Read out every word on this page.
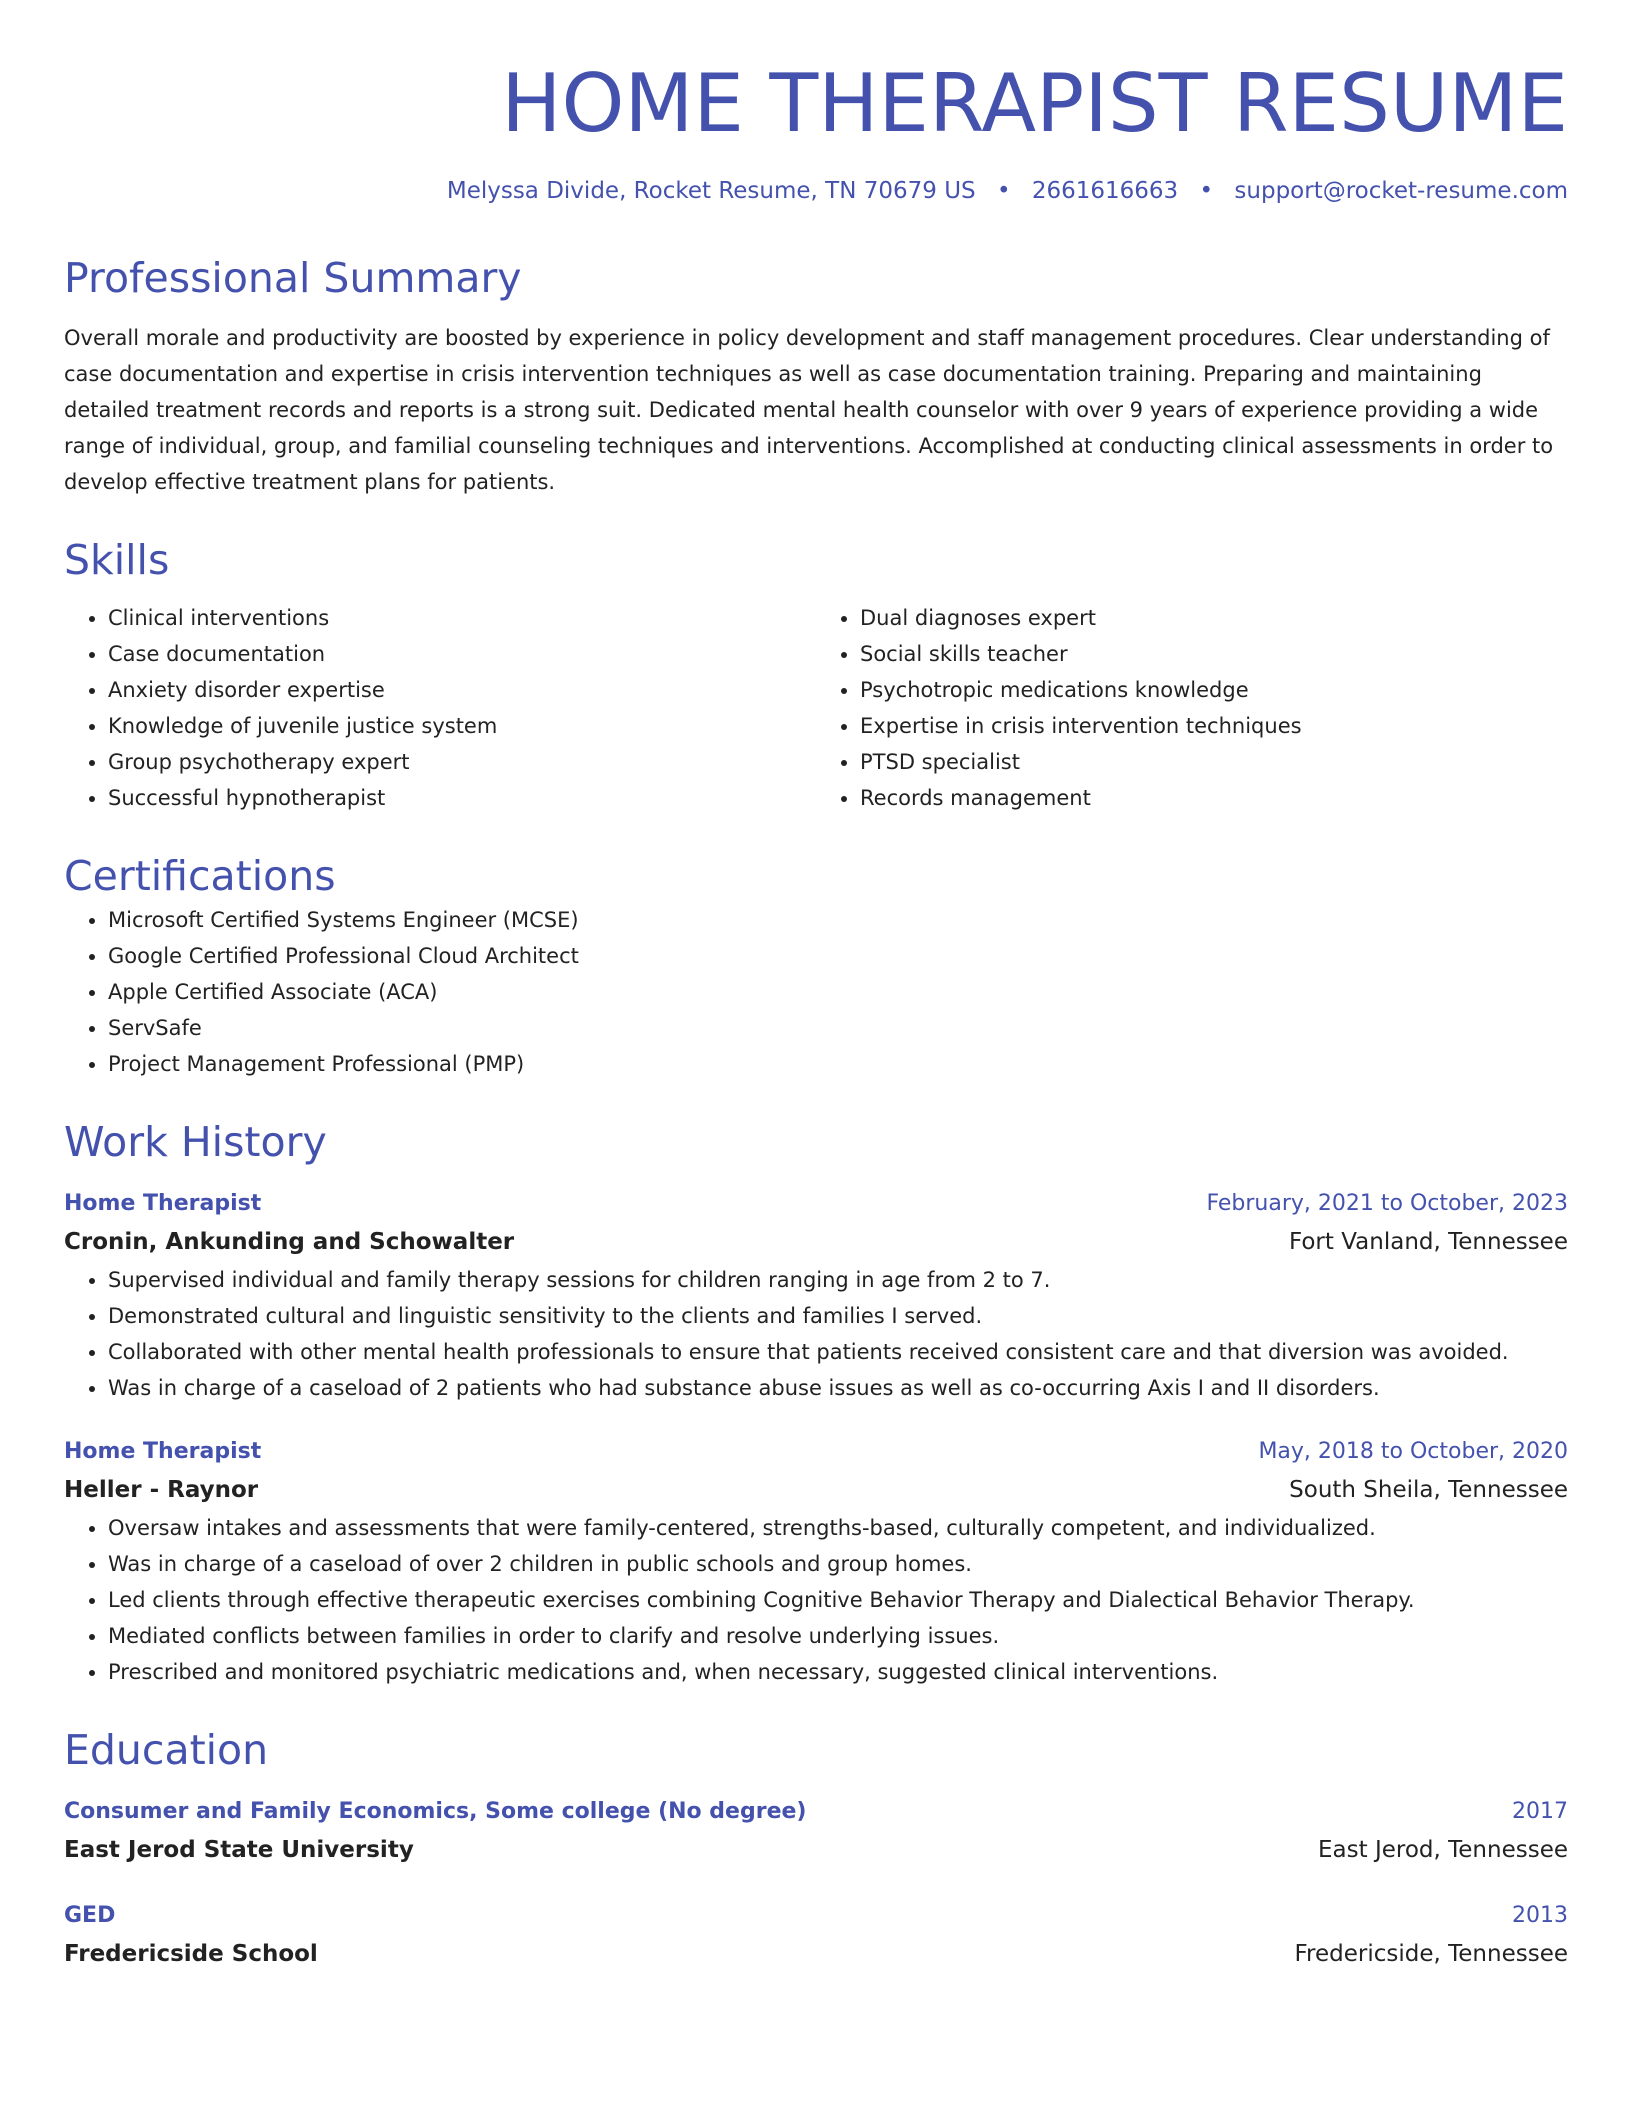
HOME THERAPIST RESUME
Melyssa Divide, Rocket Resume, TN 70679 US • 2661616663 • support@rocket-resume.com
Professional Summary
Overall morale and productivity are boosted by experience in policy development and staff management procedures. Clear understanding of case documentation and expertise in crisis intervention techniques as well as case documentation training. Preparing and maintaining detailed treatment records and reports is a strong suit. Dedicated mental health counselor with over 9 years of experience providing a wide range of individual, group, and familial counseling techniques and interventions. Accomplished at conducting clinical assessments in order to develop effective treatment plans for patients.
Skills
• Clinical interventions
• Case documentation
• Anxiety disorder expertise
• Knowledge of juvenile justice system
• Group psychotherapy expert
• Successful hypnotherapist
• Dual diagnoses expert
• Social skills teacher
• Psychotropic medications knowledge
• Expertise in crisis intervention techniques
• PTSD specialist
• Records management
Certifications
• Microsoft Certified Systems Engineer (MCSE)
• Google Certified Professional Cloud Architect
• Apple Certified Associate (ACA)
• ServSafe
• Project Management Professional (PMP)
Work History
Home Therapist	February, 2021 to October, 2023
Cronin, Ankunding and Schowalter	Fort Vanland, Tennessee
• Supervised individual and family therapy sessions for children ranging in age from 2 to 7.
• Demonstrated cultural and linguistic sensitivity to the clients and families I served.
• Collaborated with other mental health professionals to ensure that patients received consistent care and that diversion was avoided.
• Was in charge of a caseload of 2 patients who had substance abuse issues as well as co-occurring Axis I and II disorders.
Home Therapist	May, 2018 to October, 2020
Heller - Raynor	South Sheila, Tennessee
• Oversaw intakes and assessments that were family-centered, strengths-based, culturally competent, and individualized.
• Was in charge of a caseload of over 2 children in public schools and group homes.
• Led clients through effective therapeutic exercises combining Cognitive Behavior Therapy and Dialectical Behavior Therapy.
• Mediated conflicts between families in order to clarify and resolve underlying issues.
• Prescribed and monitored psychiatric medications and, when necessary, suggested clinical interventions.
Education
Consumer and Family Economics, Some college (No degree)	2017
East Jerod State University	East Jerod, Tennessee
GED	2013
Fredericside School	Fredericside, Tennessee
